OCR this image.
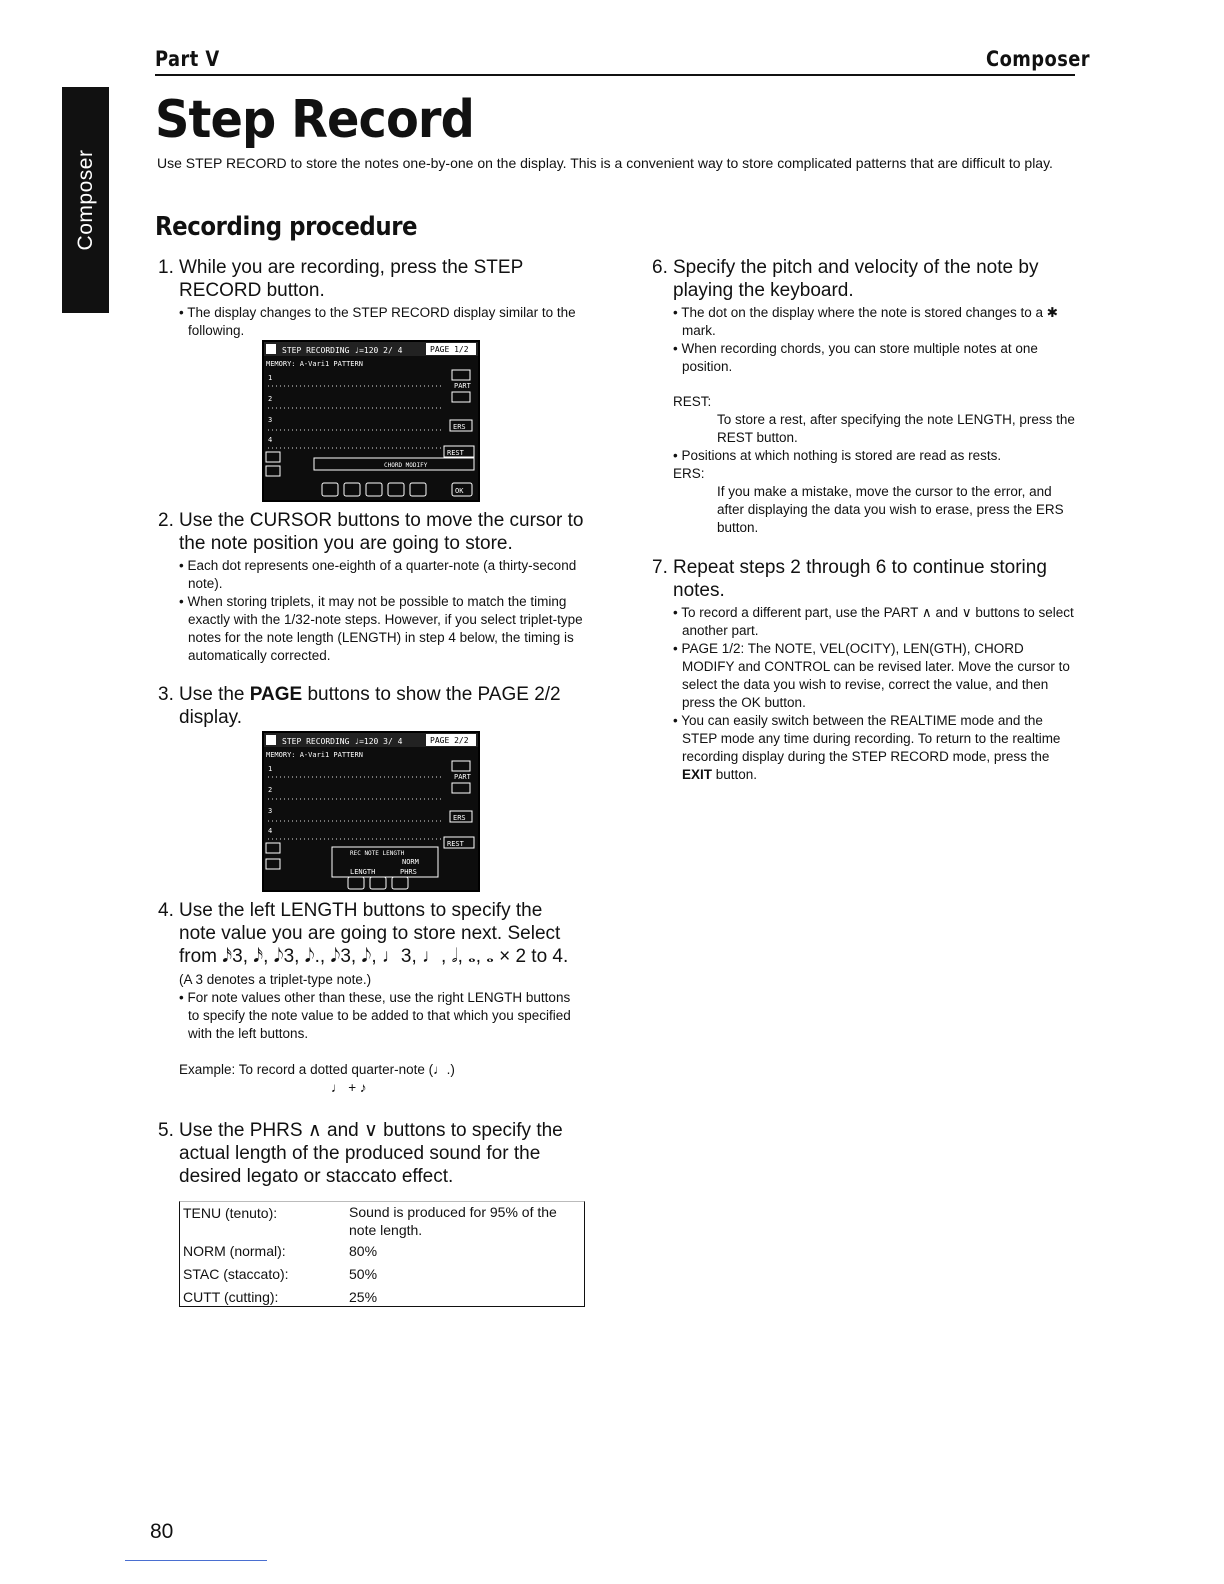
Part V	Composer
Composer
Step Record
Use STEP RECORD to store the notes one-by-one on the display. This is a convenient way to store complicated patterns that are difficult to play.
Recording procedure
1. While you are recording, press the STEP RECORD button.

• The display changes to the STEP RECORD display similar to the following.

STEP RECORDING ♩=120 2/ 4	PAGE 1/2
MEMORY: A-Vari1 PATTERN
1
2
3
4
PART
ERS
REST
CHORD MODIFY
OK
2. Use the CURSOR buttons to move the cursor to the note position you are going to store.

• Each dot represents one-eighth of a quarter-note (a thirty-second note).

• When storing triplets, it may not be possible to match the timing exactly with the 1/32-note steps. However, if you select triplet-type notes for the note length (LENGTH) in step 4 below, the timing is automatically corrected.

3. Use the PAGE buttons to show the PAGE 2/2 display.
STEP RECORDING ♩=120 3/ 4	PAGE 2/2
MEMORY: A-Vari1 PATTERN
1
2
3
4
PART
ERS
REST
REC NOTE LENGTH
NORM
LENGTH	PHRS
4. Use the left LENGTH buttons to specify the note value you are going to store next. Select from 𝅘𝅥𝅯3, 𝅘𝅥𝅯, 𝅘𝅥𝅮3, 𝅘𝅥𝅮., 𝅘𝅥𝅮3, 𝅘𝅥𝅮, ♩3, ♩, 𝅗𝅥, 𝅝, 𝅝 × 2 to 4.
(A 3 denotes a triplet-type note.)

• For note values other than these, use the right LENGTH buttons to specify the note value to be added to that which you specified with the left buttons.

Example: To record a dotted quarter-note (♩.)
♩ + ♪
5. Use the PHRS ∧ and ∨ buttons to specify the actual length of the produced sound for the desired legato or staccato effect.
TENU (tenuto):	Sound is produced for 95% of the note length.
NORM (normal):	80%
STAC (staccato):	50%
CUTT (cutting):	25%
6. Specify the pitch and velocity of the note by playing the keyboard.

• The dot on the display where the note is stored changes to a ✱ mark.

• When recording chords, you can store multiple notes at one position.

REST:
To store a rest, after specifying the note LENGTH, press the REST button.

• Positions at which nothing is stored are read as rests.

ERS:
If you make a mistake, move the cursor to the error, and after displaying the data you wish to erase, press the ERS button.
7. Repeat steps 2 through 6 to continue storing notes.

• To record a different part, use the PART ∧ and ∨ buttons to select another part.

• PAGE 1/2: The NOTE, VEL(OCITY), LEN(GTH), CHORD MODIFY and CONTROL can be revised later. Move the cursor to select the data you wish to revise, correct the value, and then press the OK button.

• You can easily switch between the REALTIME mode and the STEP mode any time during recording. To return to the realtime recording display during the STEP RECORD mode, press the EXIT button.

80
